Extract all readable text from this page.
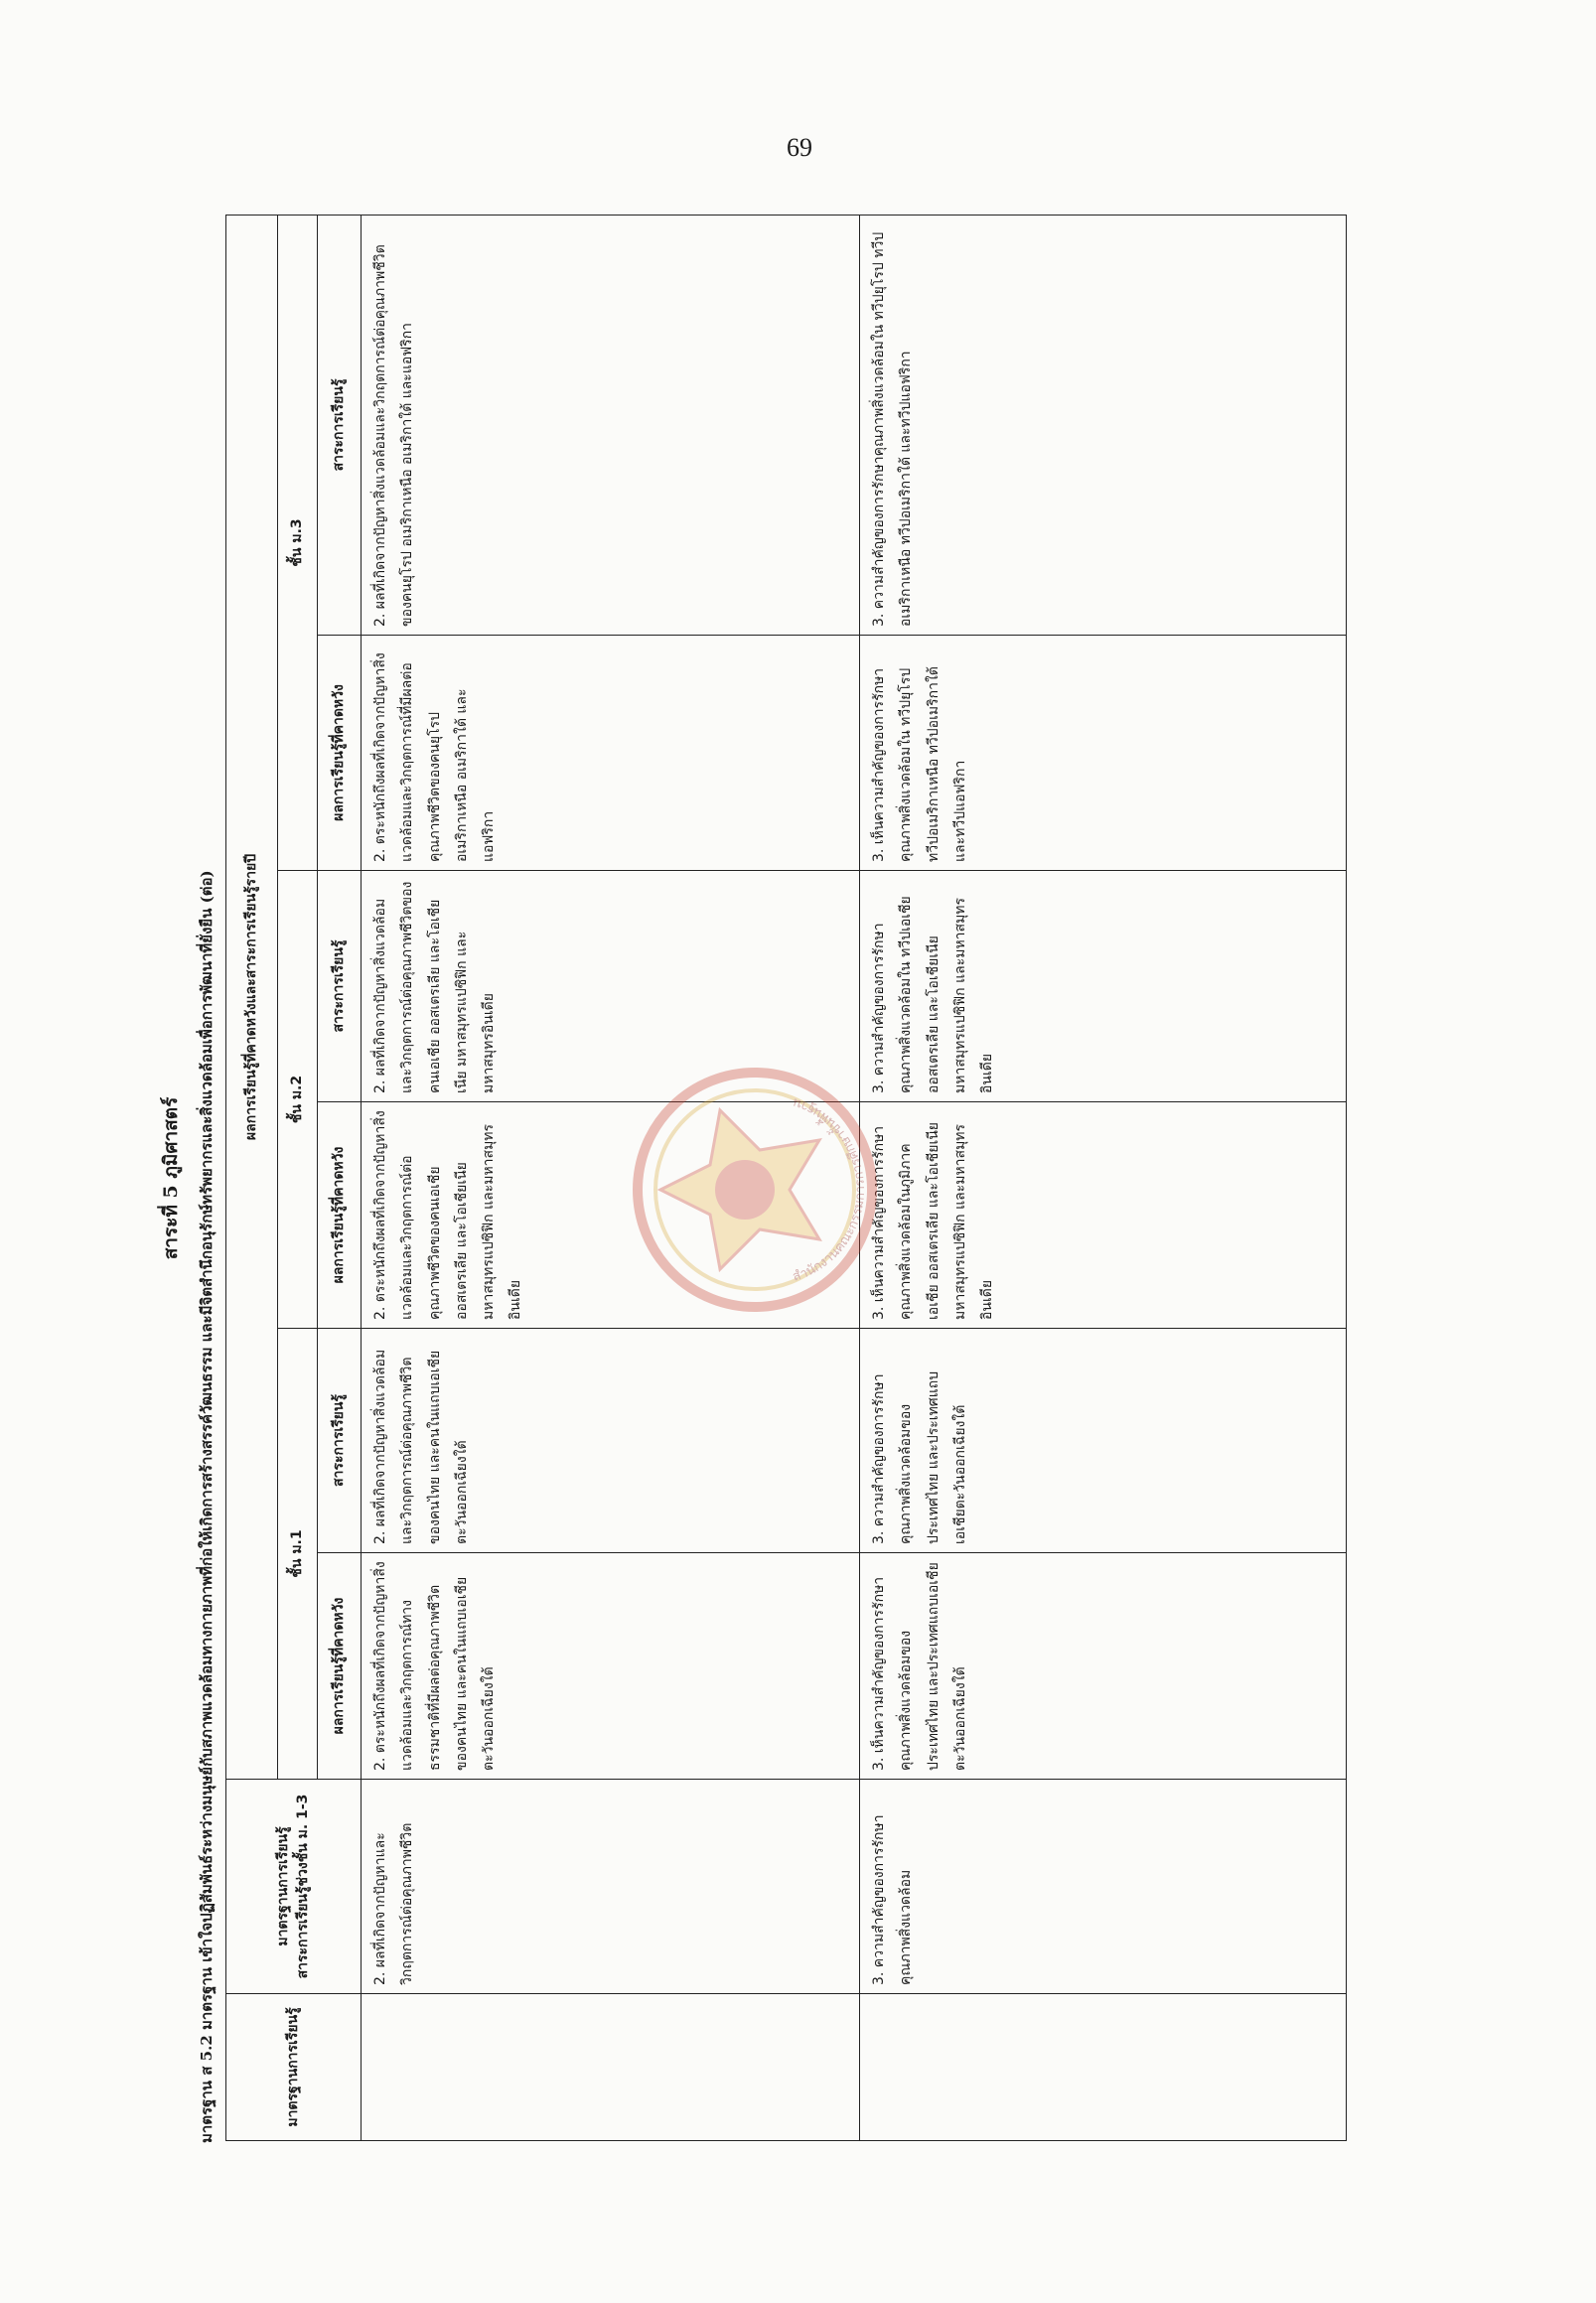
69
สาระที่ 5 ภูมิศาสตร์	มาตรฐาน ส 5.2 มาตรฐาน เข้าใจปฏิสัมพันธ์ระหว่างมนุษย์กับสภาพแวดล้อมทางกายภาพที่ก่อให้เกิดการสร้างสรรค์วัฒนธรรม และมีจิตสำนึกอนุรักษ์ทรัพยากรและสิ่งแวดล้อมเพื่อการพัฒนาที่ยั่งยืน (ต่อ)	มาตรฐานการเรียนรู้	มาตรฐานการเรียนรู้ สาระการเรียนรู้ช่วงชั้น ม. 1-3	ผลการเรียนรู้ที่คาดหวังและสาระการเรียนรู้รายปี					
		ชั้น ม.1		ชั้น ม.2		ชั้น ม.3	
		ผลการเรียนรู้ที่คาดหวัง	สาระการเรียนรู้	ผลการเรียนรู้ที่คาดหวัง	สาระการเรียนรู้	ผลการเรียนรู้ที่คาดหวัง	สาระการเรียนรู้
	2. ผลที่เกิดจากปัญหาและวิกฤตการณ์ต่อคุณภาพชีวิต	2. ตระหนักถึงผลที่เกิดจากปัญหาสิ่งแวดล้อมและวิกฤตการณ์ทางธรรมชาติที่มีผลต่อคุณภาพชีวิตของคนไทย และคนในแถบเอเชียตะวันออกเฉียงใต้	2. ผลที่เกิดจากปัญหาสิ่งแวดล้อมและวิกฤตการณ์ต่อคุณภาพชีวิตของคนไทย และคนในแถบเอเชียตะวันออกเฉียงใต้	2. ตระหนักถึงผลที่เกิดจากปัญหาสิ่งแวดล้อมและวิกฤตการณ์ต่อคุณภาพชีวิตของคนเอเชีย ออสเตรเลีย และโอเชียเนีย มหาสมุทรแปซิฟิก และมหาสมุทรอินเดีย	2. ผลที่เกิดจากปัญหาสิ่งแวดล้อมและวิกฤตการณ์ต่อคุณภาพชีวิตของคนเอเชีย ออสเตรเลีย และโอเชียเนีย มหาสมุทรแปซิฟิก และมหาสมุทรอินเดีย	2. ตระหนักถึงผลที่เกิดจากปัญหาสิ่งแวดล้อมและวิกฤตการณ์ที่มีผลต่อคุณภาพชีวิตของคนยุโรป อเมริกาเหนือ อเมริกาใต้ และแอฟริกา	2. ผลที่เกิดจากปัญหาสิ่งแวดล้อมและวิกฤตการณ์ต่อคุณภาพชีวิตของคนยุโรป อเมริกาเหนือ อเมริกาใต้ และแอฟริกา
	3. ความสำคัญของการรักษาคุณภาพสิ่งแวดล้อม	3. เห็นความสำคัญของการรักษาคุณภาพสิ่งแวดล้อมของประเทศไทย และประเทศแถบเอเชียตะวันออกเฉียงใต้	3. ความสำคัญของการรักษาคุณภาพสิ่งแวดล้อมของประเทศไทย และประเทศแถบเอเชียตะวันออกเฉียงใต้	3. เห็นความสำคัญของการรักษาคุณภาพสิ่งแวดล้อมในภูมิภาคเอเชีย ออสเตรเลีย และโอเชียเนีย มหาสมุทรแปซิฟิก และมหาสมุทรอินเดีย	3. ความสำคัญของการรักษาคุณภาพสิ่งแวดล้อมใน ทวีปเอเชีย ออสเตรเลีย และโอเชียเนีย มหาสมุทรแปซิฟิก และมหาสมุทรอินเดีย	3. เห็นความสำคัญของการรักษาคุณภาพสิ่งแวดล้อมใน ทวีปยุโรป ทวีปอเมริกาเหนือ ทวีปอเมริกาใต้ และทวีปแอฟริกา	3. ความสำคัญของการรักษาคุณภาพสิ่งแวดล้อมใน ทวีปยุโรป ทวีปอเมริกาเหนือ ทวีปอเมริกาใต้ และทวีปแอฟริกา
สำนักงานคณะกรรมการการศึกษาขั้นพื้นฐาน
